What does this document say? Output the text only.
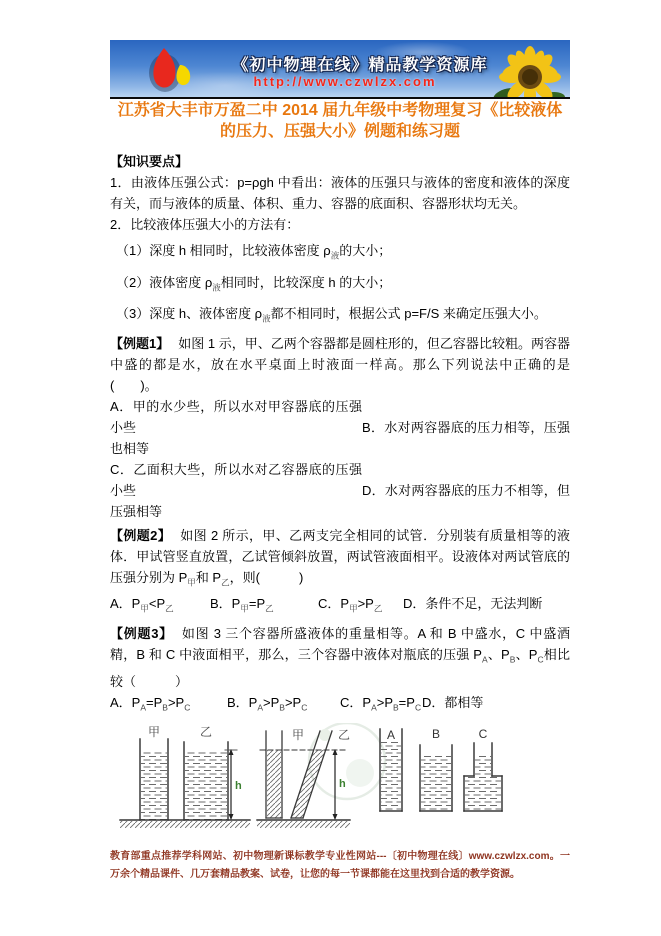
《初中物理在线》精品教学资源库
http://www.czwlzx.com
江苏省大丰市万盈二中 2014 届九年级中考物理复习《比较液体的压力、压强大小》例题和练习题
【知识要点】
1．由液体压强公式：p=ρgh 中看出：液体的压强只与液体的密度和液体的深度有关，而与液体的质量、体积、重力、容器的底面积、容器形状均无关。
2．比较液体压强大小的方法有：
（1）深度 h 相同时，比较液体密度 $\rho_液$的大小；
（2）液体密度 $\rho_液$相同时，比较深度 h 的大小；
（3）深度 h、液体密度 $\rho_液$都不相同时，根据公式 p=F/S 来确定压强大小。
【例题1】 如图 1 示，甲、乙两个容器都是圆柱形的，但乙容器比较粗。两容器中盛的都是水，放在水平桌面上时液面一样高。那么下列说法中正确的是(　　)。
A．甲的水少些，所以水对甲容器底的压强小些	B．水对两容器底的压力相等，压强也相等
C．乙面积大些，所以水对乙容器底的压强小些	D．水对两容器底的压力不相等，但压强相等
【例题2】 如图 2 所示，甲、乙两支完全相同的试管．分别装有质量相等的液体．甲试管竖直放置，乙试管倾斜放置，两试管液面相平。设液体对两试管底的压强分别为 $P_甲$和 $P_乙$，则(　　　)
A．$P_甲<P_乙$	B．$P_甲=P_乙$	C．$P_甲>P_乙$	D．条件不足，无法判断
【例题3】 如图 3 三个容器所盛液体的重量相等。A 和 B 中盛水，C 中盛酒精，B 和 C 中液面相平，那么，三个容器中液体对瓶底的压强 $P_A$、$P_B$、$P_C$相比较（　　　）
A．$P_A=P_B>P_C$	B．$P_A>P_B>P_C$	C．$P_A>P_B=P_C$ D．都相等
甲	乙
h
甲	乙
h
A	B	C
教育部重点推荐学科网站、初中物理新课标教学专业性网站---〔初中物理在线〕www.czwlzx.com。一万余个精品课件、几万套精品教案、试卷，让您的每一节课都能在这里找到合适的教学资源。
